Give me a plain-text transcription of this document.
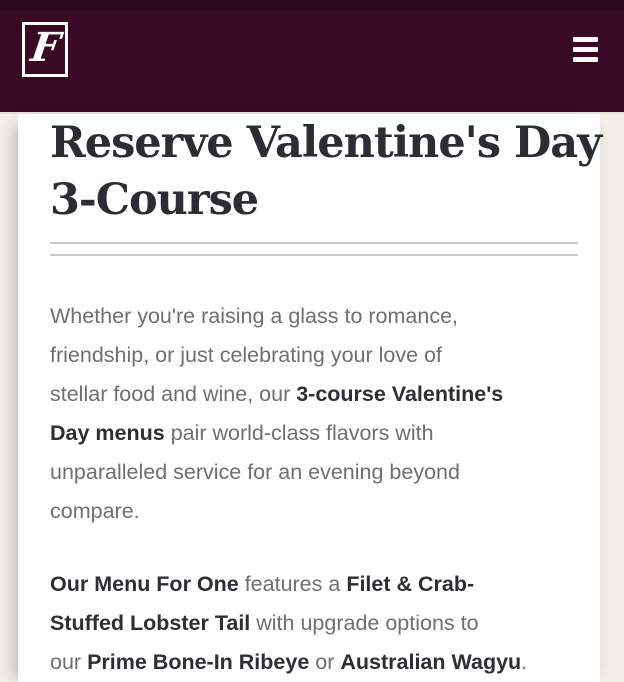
F
Reserve Valentine's Day
3-Course

Whether you're raising a glass to romance,
friendship, or just celebrating your love of
stellar food and wine, our 3-course Valentine's
Day menus pair world-class flavors with
unparalleled service for an evening beyond
compare.

Our Menu For One features a Filet & Crab-
Stuffed Lobster Tail with upgrade options to
our Prime Bone-In Ribeye or Australian Wagyu.
